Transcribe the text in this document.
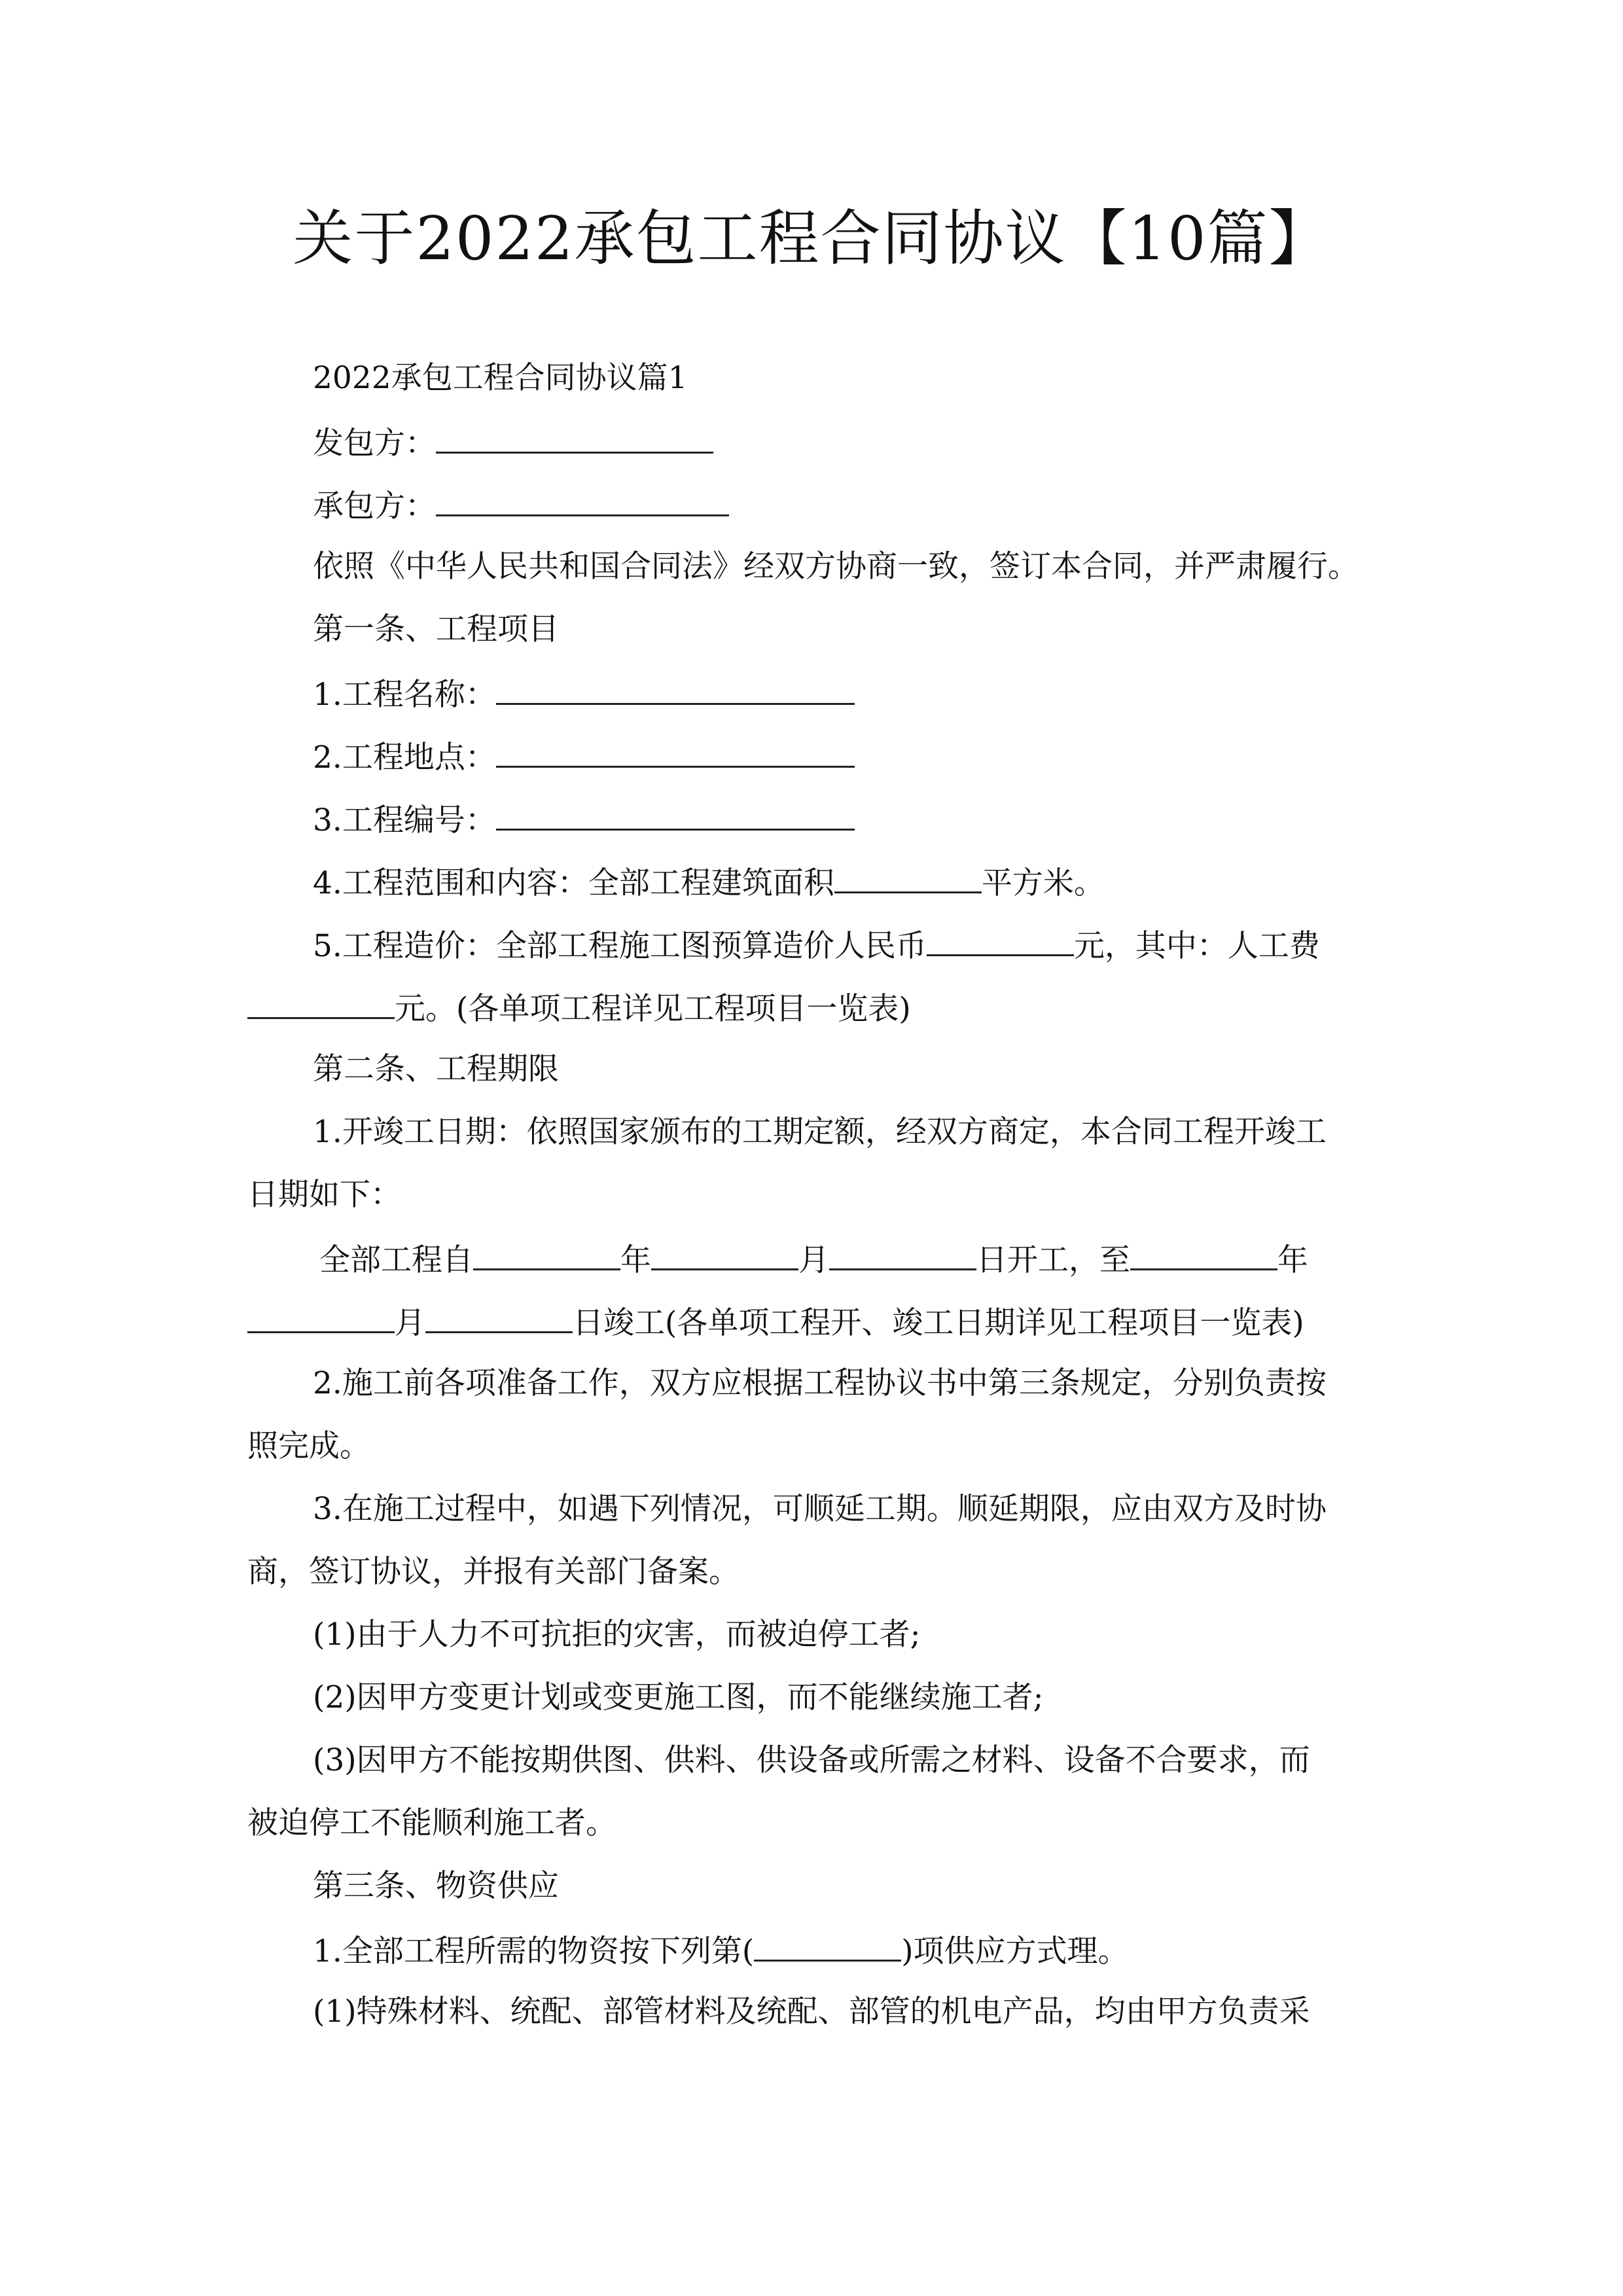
关于2022承包工程合同协议【10篇】
2022承包工程合同协议篇1
发包方：
承包方：
依照《中华人民共和国合同法》经双方协商一致，签订本合同，并严肃履行。
第一条、工程项目
1.工程名称：
2.工程地点：
3.工程编号：
4.工程范围和内容：全部工程建筑面积	平方米。
5.工程造价：全部工程施工图预算造价人民币	元，其中：人工费
元。(各单项工程详见工程项目一览表)
第二条、工程期限
1.开竣工日期：依照国家颁布的工期定额，经双方商定，本合同工程开竣工
日期如下：
全部工程自	年	月	日开工，至	年
月	日竣工(各单项工程开、竣工日期详见工程项目一览表)
2.施工前各项准备工作，双方应根据工程协议书中第三条规定，分别负责按
照完成。
3.在施工过程中，如遇下列情况，可顺延工期。顺延期限，应由双方及时协
商，签订协议，并报有关部门备案。
(1)由于人力不可抗拒的灾害，而被迫停工者;
(2)因甲方变更计划或变更施工图，而不能继续施工者;
(3)因甲方不能按期供图、供料、供设备或所需之材料、设备不合要求，而
被迫停工不能顺利施工者。
第三条、物资供应
1.全部工程所需的物资按下列第(	)项供应方式理。
(1)特殊材料、统配、部管材料及统配、部管的机电产品，均由甲方负责采
